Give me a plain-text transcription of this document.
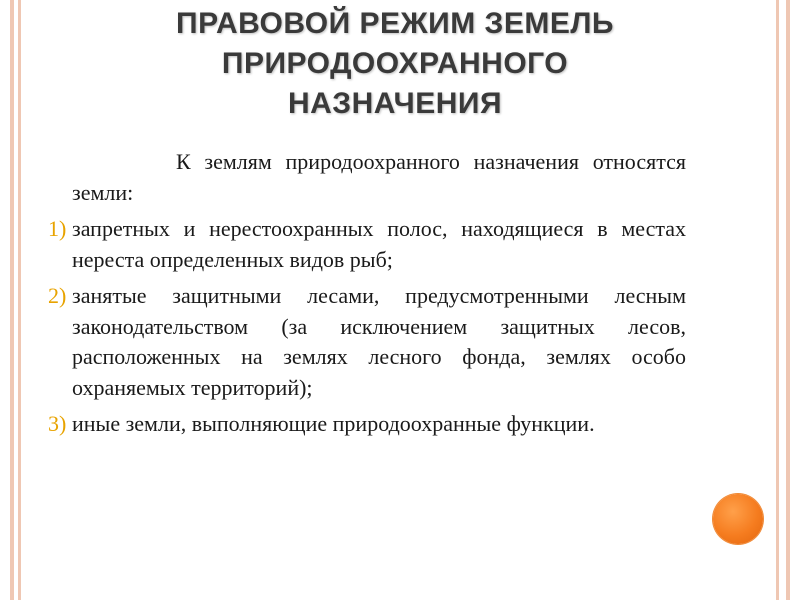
ПРАВОВОЙ РЕЖИМ ЗЕМЕЛЬ
ПРИРОДООХРАННОГО
НАЗНАЧЕНИЯ

К землям природоохранного назначения относятся земли:

1) запретных и нерестоохранных полос, находящиеся в местах нереста определенных видов рыб;
2) занятые защитными лесами, предусмотренными лесным законодательством (за исключением защитных лесов, расположенных на землях лесного фонда, землях особо охраняемых территорий);
3) иные земли, выполняющие природоохранные функции.
